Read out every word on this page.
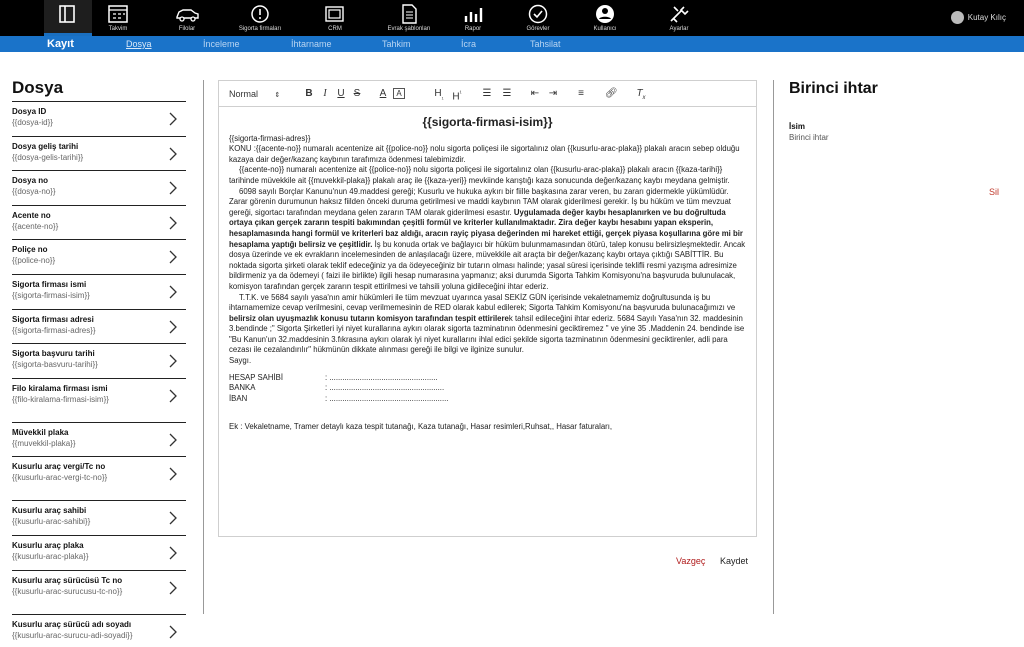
Takvim	Filolar	Sigorta firmaları	CRM	Evrak şablonları	Rapor	Görevler	Kullanıcı	Ayarlar
Kutay Kılıç
Kayıt	Dosya	İnceleme	İhtarname	Tahkim	İcra	Tahsilat
Dosya
Dosya ID
{{dosya-id}}
Dosya geliş tarihi
{{dosya-gelis-tarihi}}
Dosya no
{{dosya-no}}
Acente no
{{acente-no}}
Poliçe no
{{police-no}}
Sigorta firması ismi
{{sigorta-firmasi-isim}}
Sigorta firması adresi
{{sigorta-firmasi-adres}}
Sigorta başvuru tarihi
{{sigorta-basvuru-tarihi}}
Filo kiralama firması ismi
{{filo-kiralama-firmasi-isim}}
Müvekkil plaka
{{muvekkil-plaka}}
Kusurlu araç vergi/Tc no
{{kusurlu-arac-vergi-tc-no}}
Kusurlu araç sahibi
{{kusurlu-arac-sahibi}}
Kusurlu araç plaka
{{kusurlu-arac-plaka}}
Kusurlu araç sürücüsü Tc no
{{kusurlu-arac-surucusu-tc-no}}
Kusurlu araç sürücü adı soyadı
{{kusurlu-arac-surucu-adi-soyadi}}
Normal ⇕	B	I	U S A	A	$H_{_1}$ $H^{^1}$ ☰ ☰ ⇤ ⇥	≡	🔗︎ $T_x$

{{sigorta-firmasi-isim}}

{{sigorta-firmasi-adres}}

KONU :{{acente-no}} numaralı acentenize ait {{police-no}} nolu sigorta poliçesi ile sigortalınız olan {{kusurlu-arac-plaka}} plakalı aracın sebep olduğu kazaya dair değer/kazanç kaybının tarafımıza ödenmesi talebimizdir.

{{acente-no}} numaralı acentenize ait {{police-no}} nolu sigorta poliçesi ile sigortalınız olan {{kusurlu-arac-plaka}} plakalı aracın {{kaza-tarihi}} tarihinde müvekkile ait {{muvekkil-plaka}} plakalı araç ile {{kaza-yeri}} mevkiinde karıştığı kaza sonucunda değer/kazanç kaybı meydana gelmiştir.

6098 sayılı Borçlar Kanunu'nun 49.maddesi gereği; Kusurlu ve hukuka aykırı bir fiille başkasına zarar veren, bu zararı gidermekle yükümlüdür. Zarar görenin durumunun haksız fiilden önceki duruma getirilmesi ve maddi kaybının TAM olarak giderilmesi gerekir. İş bu hüküm ve tüm mevzuat gereği, sigortacı tarafından meydana gelen zararın TAM olarak giderilmesi esastır. Uygulamada değer kaybı hesaplanırken ve bu doğrultuda ortaya çıkan gerçek zararın tespiti bakımından çeşitli formül ve kriterler kullanılmaktadır. Zira değer kaybı hesabını yapan eksperin, hesaplamasında hangi formül ve kriterleri baz aldığı, aracın rayiç piyasa değerinden mi hareket ettiği, gerçek piyasa koşullarına göre mi bir hesaplama yaptığı belirsiz ve çeşitlidir. İş bu konuda ortak ve bağlayıcı bir hüküm bulunmamasından ötürü, talep konusu belirsizleşmektedir. Ancak dosya üzerinde ve ek evrakların incelemesinden de anlaşılacağı üzere, müvekkile ait araçta bir değer/kazanç kaybı ortaya çıktığı SABİTTİR. Bu noktada sigorta şirketi olarak teklif edeceğiniz ya da ödeyeceğiniz bir tutarın olması halinde; yasal süresi içerisinde teklifli resmi yazışma adresimize bildirmeniz ya da ödemeyi ( faizi ile birlikte) ilgili hesap numarasına yapmanız; aksi durumda Sigorta Tahkim Komisyonu'na başvuruda bulunulacak, komisyon tarafından gerçek zararın tespit ettirilmesi ve tahsili yoluna gidileceğini ihtar ederiz.

T.T.K. ve 5684 sayılı yasa'nın amir hükümleri ile tüm mevzuat uyarınca yasal SEKİZ GÜN içerisinde vekaletnamemiz doğrultusunda iş bu ihtarnamemize cevap verilmesini, cevap verilmemesinin de RED olarak kabul edilerek; Sigorta Tahkim Komisyonu'na başvuruda bulunacağımızı ve belirsiz olan uyuşmazlık konusu tutarın komisyon tarafından tespit ettirilerek tahsil edileceğini ihtar ederiz. 5684 Sayılı Yasa'nın 32. maddesinin 3.bendinde ;" Sigorta Şirketleri iyi niyet kurallarına aykırı olarak sigorta tazminatının ödenmesini geciktiremez " ve yine 35 .Maddenin 24. bendinde ise "Bu Kanun'un 32.maddesinin 3.fıkrasına aykırı olarak iyi niyet kurallarını ihlal edici şekilde sigorta tazminatının ödenmesini geciktirenler, adli para cezası ile cezalandırılır" hükmünün dikkate alınması gereği ile bilgi ve ilginize sunulur.

Saygı.

HESAP SAHİBİ	: ..................................................

BANKA	: .....................................................

İBAN	: .......................................................

Ek : Vekaletname, Tramer detaylı kaza tespit tutanağı, Kaza tutanağı, Hasar resimleri,Ruhsat,, Hasar faturaları,

Vazgeç Kaydet
Birinci ihtar
İsim
Birinci ihtar
Sil
